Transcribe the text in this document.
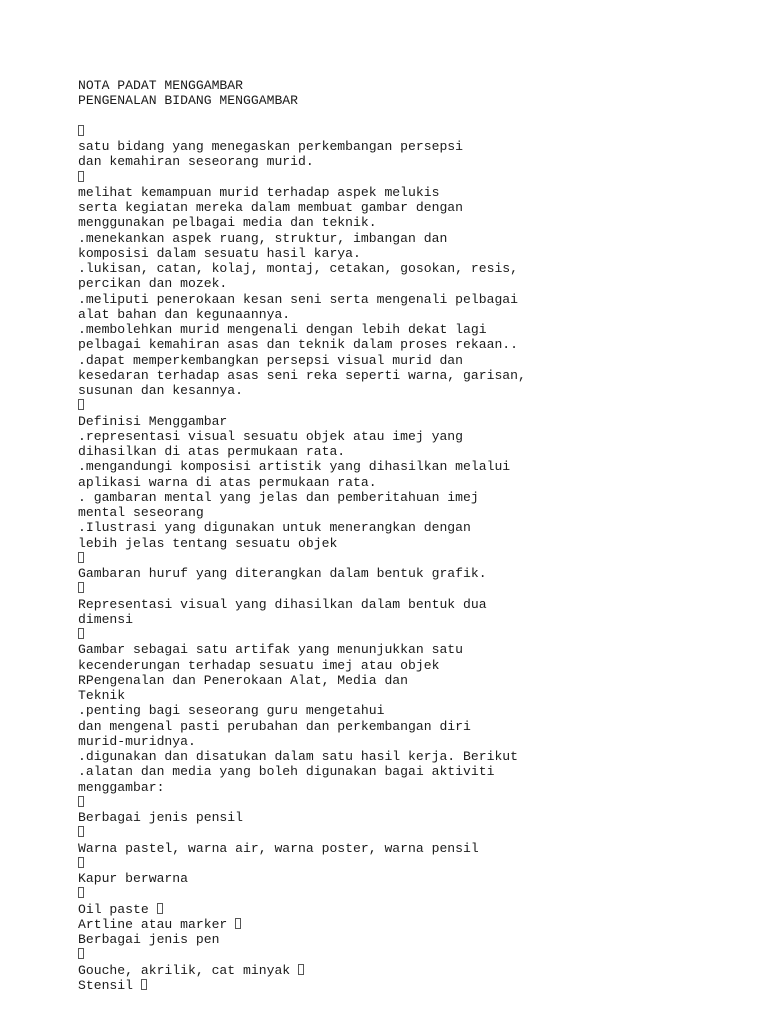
NOTA PADAT MENGGAMBAR
PENGENALAN BIDANG MENGGAMBAR
satu bidang yang menegaskan perkembangan persepsi
dan kemahiran seseorang murid.
melihat kemampuan murid terhadap aspek melukis
serta kegiatan mereka dalam membuat gambar dengan
menggunakan pelbagai media dan teknik.
.menekankan aspek ruang, struktur, imbangan dan
komposisi dalam sesuatu hasil karya.
.lukisan, catan, kolaj, montaj, cetakan, gosokan, resis,
percikan dan mozek.
.meliputi penerokaan kesan seni serta mengenali pelbagai
alat bahan dan kegunaannya.
.membolehkan murid mengenali dengan lebih dekat lagi
pelbagai kemahiran asas dan teknik dalam proses rekaan..
.dapat memperkembangkan persepsi visual murid dan
kesedaran terhadap asas seni reka seperti warna, garisan,
susunan dan kesannya.
Definisi Menggambar
.representasi visual sesuatu objek atau imej yang
dihasilkan di atas permukaan rata.
.mengandungi komposisi artistik yang dihasilkan melalui
aplikasi warna di atas permukaan rata.
. gambaran mental yang jelas dan pemberitahuan imej
mental seseorang
.Ilustrasi yang digunakan untuk menerangkan dengan
lebih jelas tentang sesuatu objek
Gambaran huruf yang diterangkan dalam bentuk grafik.
Representasi visual yang dihasilkan dalam bentuk dua
dimensi
Gambar sebagai satu artifak yang menunjukkan satu
kecenderungan terhadap sesuatu imej atau objek
RPengenalan dan Penerokaan Alat, Media dan
Teknik
.penting bagi seseorang guru mengetahui
dan mengenal pasti perubahan dan perkembangan diri
murid-muridnya.
.digunakan dan disatukan dalam satu hasil kerja. Berikut
.alatan dan media yang boleh digunakan bagai aktiviti
menggambar:
Berbagai jenis pensil
Warna pastel, warna air, warna poster, warna pensil
Kapur berwarna
Oil paste
Artline atau marker
Berbagai jenis pen
Gouche, akrilik, cat minyak
Stensil
